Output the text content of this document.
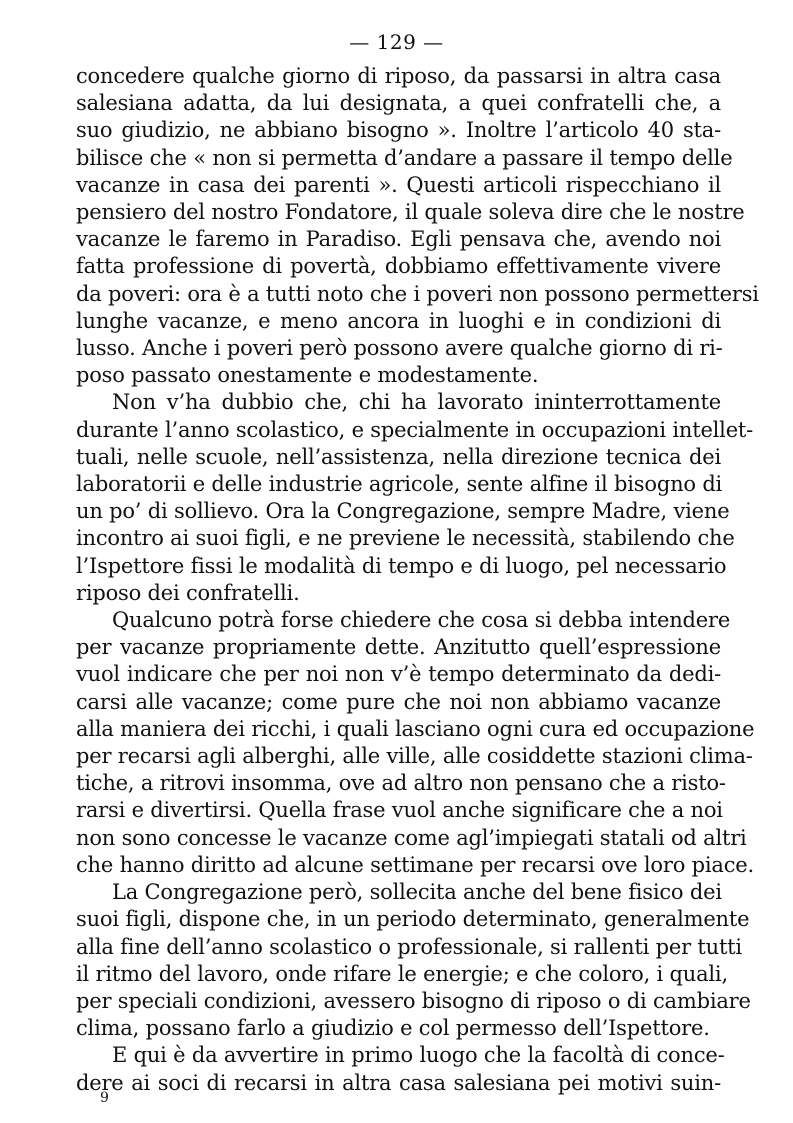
— 129 —

concedere qualche giorno di riposo, da passarsi in altra casa
salesiana adatta, da lui designata, a quei confratelli che, a
suo giudizio, ne abbiano bisogno ». Inoltre l’articolo 40 sta-
bilisce che « non si permetta d’andare a passare il tempo delle
vacanze in casa dei parenti ». Questi articoli rispecchiano il
pensiero del nostro Fondatore, il quale soleva dire che le nostre
vacanze le faremo in Paradiso. Egli pensava che, avendo noi
fatta professione di povertà, dobbiamo effettivamente vivere
da poveri: ora è a tutti noto che i poveri non possono permettersi
lunghe vacanze, e meno ancora in luoghi e in condizioni di
lusso. Anche i poveri però possono avere qualche giorno di ri-
poso passato onestamente e modestamente.

Non v’ha dubbio che, chi ha lavorato ininterrottamente
durante l’anno scolastico, e specialmente in occupazioni intellet-
tuali, nelle scuole, nell’assistenza, nella direzione tecnica dei
laboratorii e delle industrie agricole, sente alfine il bisogno di
un po’ di sollievo. Ora la Congregazione, sempre Madre, viene
incontro ai suoi figli, e ne previene le necessità, stabilendo che
l’Ispettore fissi le modalità di tempo e di luogo, pel necessario
riposo dei confratelli.

Qualcuno potrà forse chiedere che cosa si debba intendere
per vacanze propriamente dette. Anzitutto quell’espressione
vuol indicare che per noi non v’è tempo determinato da dedi-
carsi alle vacanze; come pure che noi non abbiamo vacanze
alla maniera dei ricchi, i quali lasciano ogni cura ed occupazione
per recarsi agli alberghi, alle ville, alle cosiddette stazioni clima-
tiche, a ritrovi insomma, ove ad altro non pensano che a risto-
rarsi e divertirsi. Quella frase vuol anche significare che a noi
non sono concesse le vacanze come agl’impiegati statali od altri
che hanno diritto ad alcune settimane per recarsi ove loro piace.

La Congregazione però, sollecita anche del bene fisico dei
suoi figli, dispone che, in un periodo determinato, generalmente
alla fine dell’anno scolastico o professionale, si rallenti per tutti
il ritmo del lavoro, onde rifare le energie; e che coloro, i quali,
per speciali condizioni, avessero bisogno di riposo o di cambiare
clima, possano farlo a giudizio e col permesso dell’Ispettore.

E qui è da avvertire in primo luogo che la facoltà di conce-
dere ai soci di recarsi in altra casa salesiana pei motivi suin-

9
